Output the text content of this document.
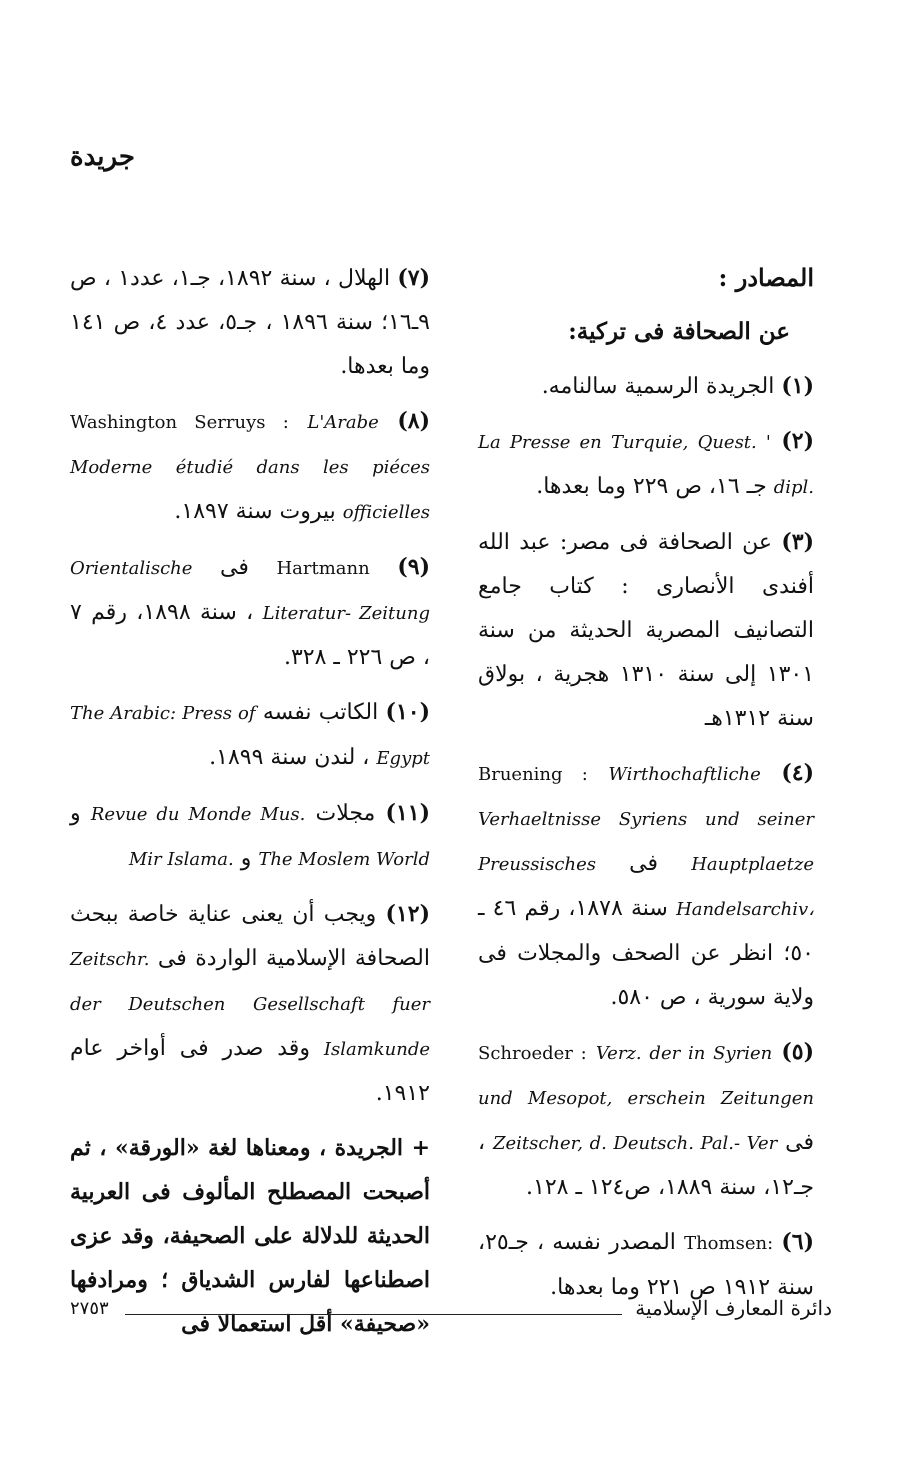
جريدة

المصادر :

عن الصحافة فى تركية:

(١) الجريدة الرسمية سالنامه.

(٢) La Presse en Turquie, Quest. ' dipl. جـ ١٦، ص ٢٢٩ وما بعدها.

(٣) عن الصحافة فى مصر: عبد الله أفندى الأنصارى : كتاب جامع التصانيف المصرية الحديثة من سنة ١٣٠١ إلى سنة ١٣١٠ هجرية ، بولاق سنة ١٣١٢هـ

(٤) Bruening : Wirthochaftliche Verhaeltnisse Syriens und seiner Hauptplaetze فى Preussisches Handelsarchiv، سنة ١٨٧٨، رقم ٤٦ ـ ٥٠؛ انظر عن الصحف والمجلات فى ولاية سورية ، ص ٥٨٠.

(٥) Schroeder : Verz. der in Syrien und Mesopot, erschein Zeitungen فى Zeitscher, d. Deutsch. Pal.- Ver ، جـ١٢، سنة ١٨٨٩، ص١٢٤ ـ ١٢٨.

(٦) Thomsen: المصدر نفسه ، جـ٢٥، سنة ١٩١٢ ص ٢٢١ وما بعدها.

(٧) الهلال ، سنة ١٨٩٢، جـ١، عدد١ ، ص ٩ـ١٦؛ سنة ١٨٩٦ ، جـ٥، عدد ٤، ص ١٤١ وما بعدها.

(٨) Washington Serruys : L'Arabe Moderne étudié dans les piéces officielles بيروت سنة ١٨٩٧.

(٩) Hartmann فى Orientalische Literatur- Zeitung ، سنة ١٨٩٨، رقم ٧ ، ص ٢٢٦ ـ ٣٢٨.

(١٠) الكاتب نفسه The Arabic: Press of Egypt ، لندن سنة ١٨٩٩.

(١١) مجلات Revue du Monde Mus. و The Moslem World و Mir Islama.

(١٢) ويجب أن يعنى عناية خاصة ببحث الصحافة الإسلامية الواردة فى Zeitschr. der Deutschen Gesellschaft fuer Islamkunde وقد صدر فى أواخر عام ١٩١٢.

+ الجريدة ، ومعناها لغة «الورقة» ، ثم أصبحت المصطلح المألوف فى العربية الحديثة للدلالة على الصحيفة، وقد عزى اصطناعها لفارس الشدياق ؛ ومرادفها «صحيفة» أقل استعمالا فى

دائرة المعارف الإسلامية
٢٧٥٣
